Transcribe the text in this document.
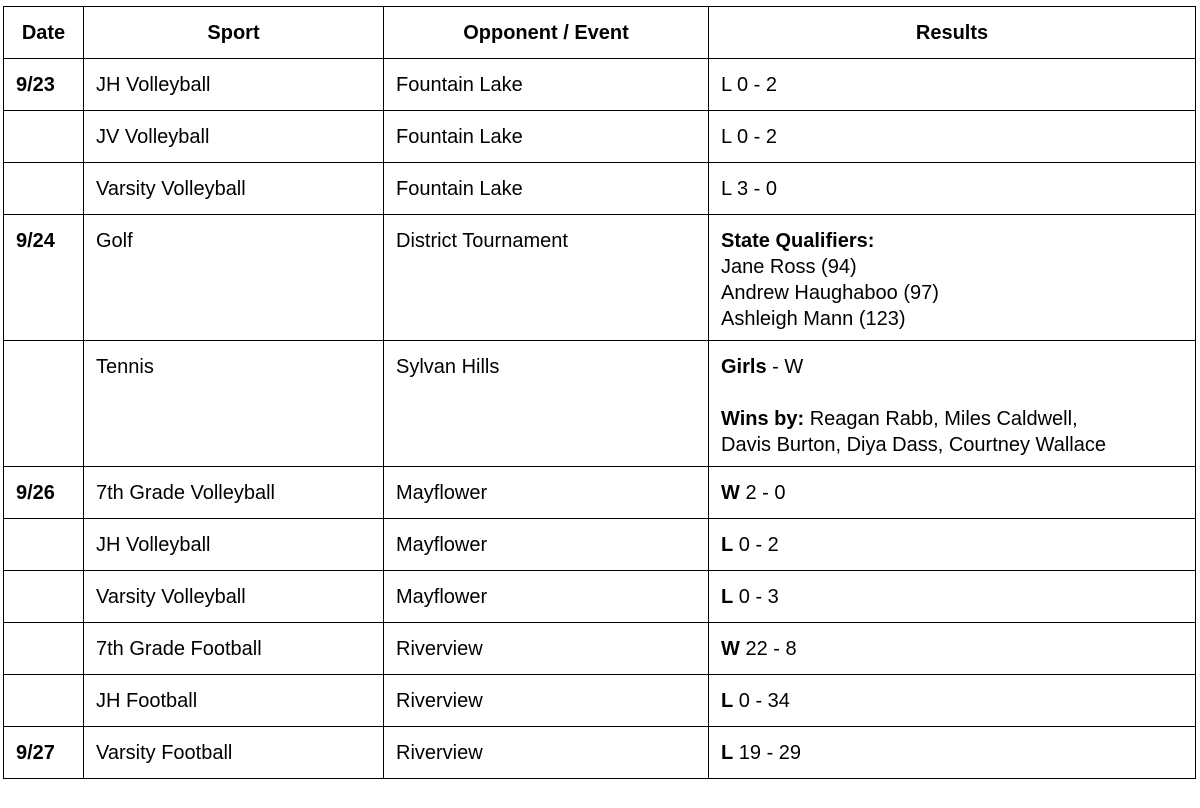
Date	Sport	Opponent / Event	Results
9/23	JH Volleyball	Fountain Lake	L 0 - 2
	JV Volleyball	Fountain Lake	L 0 - 2
	Varsity Volleyball	Fountain Lake	L 3 - 0
9/24	Golf	District Tournament	State Qualifiers:
Jane Ross (94)
Andrew Haughaboo (97)
Ashleigh Mann (123)

	Tennis	Sylvan Hills	Girls - W
Wins by: Reagan Rabb, Miles Caldwell,
Davis Burton, Diya Dass, Courtney Wallace

9/26	7th Grade Volleyball	Mayflower	W 2 - 0
	JH Volleyball	Mayflower	L 0 - 2
	Varsity Volleyball	Mayflower	L 0 - 3
	7th Grade Football	Riverview	W 22 - 8
	JH Football	Riverview	L 0 - 34
9/27	Varsity Football	Riverview	L 19 - 29
